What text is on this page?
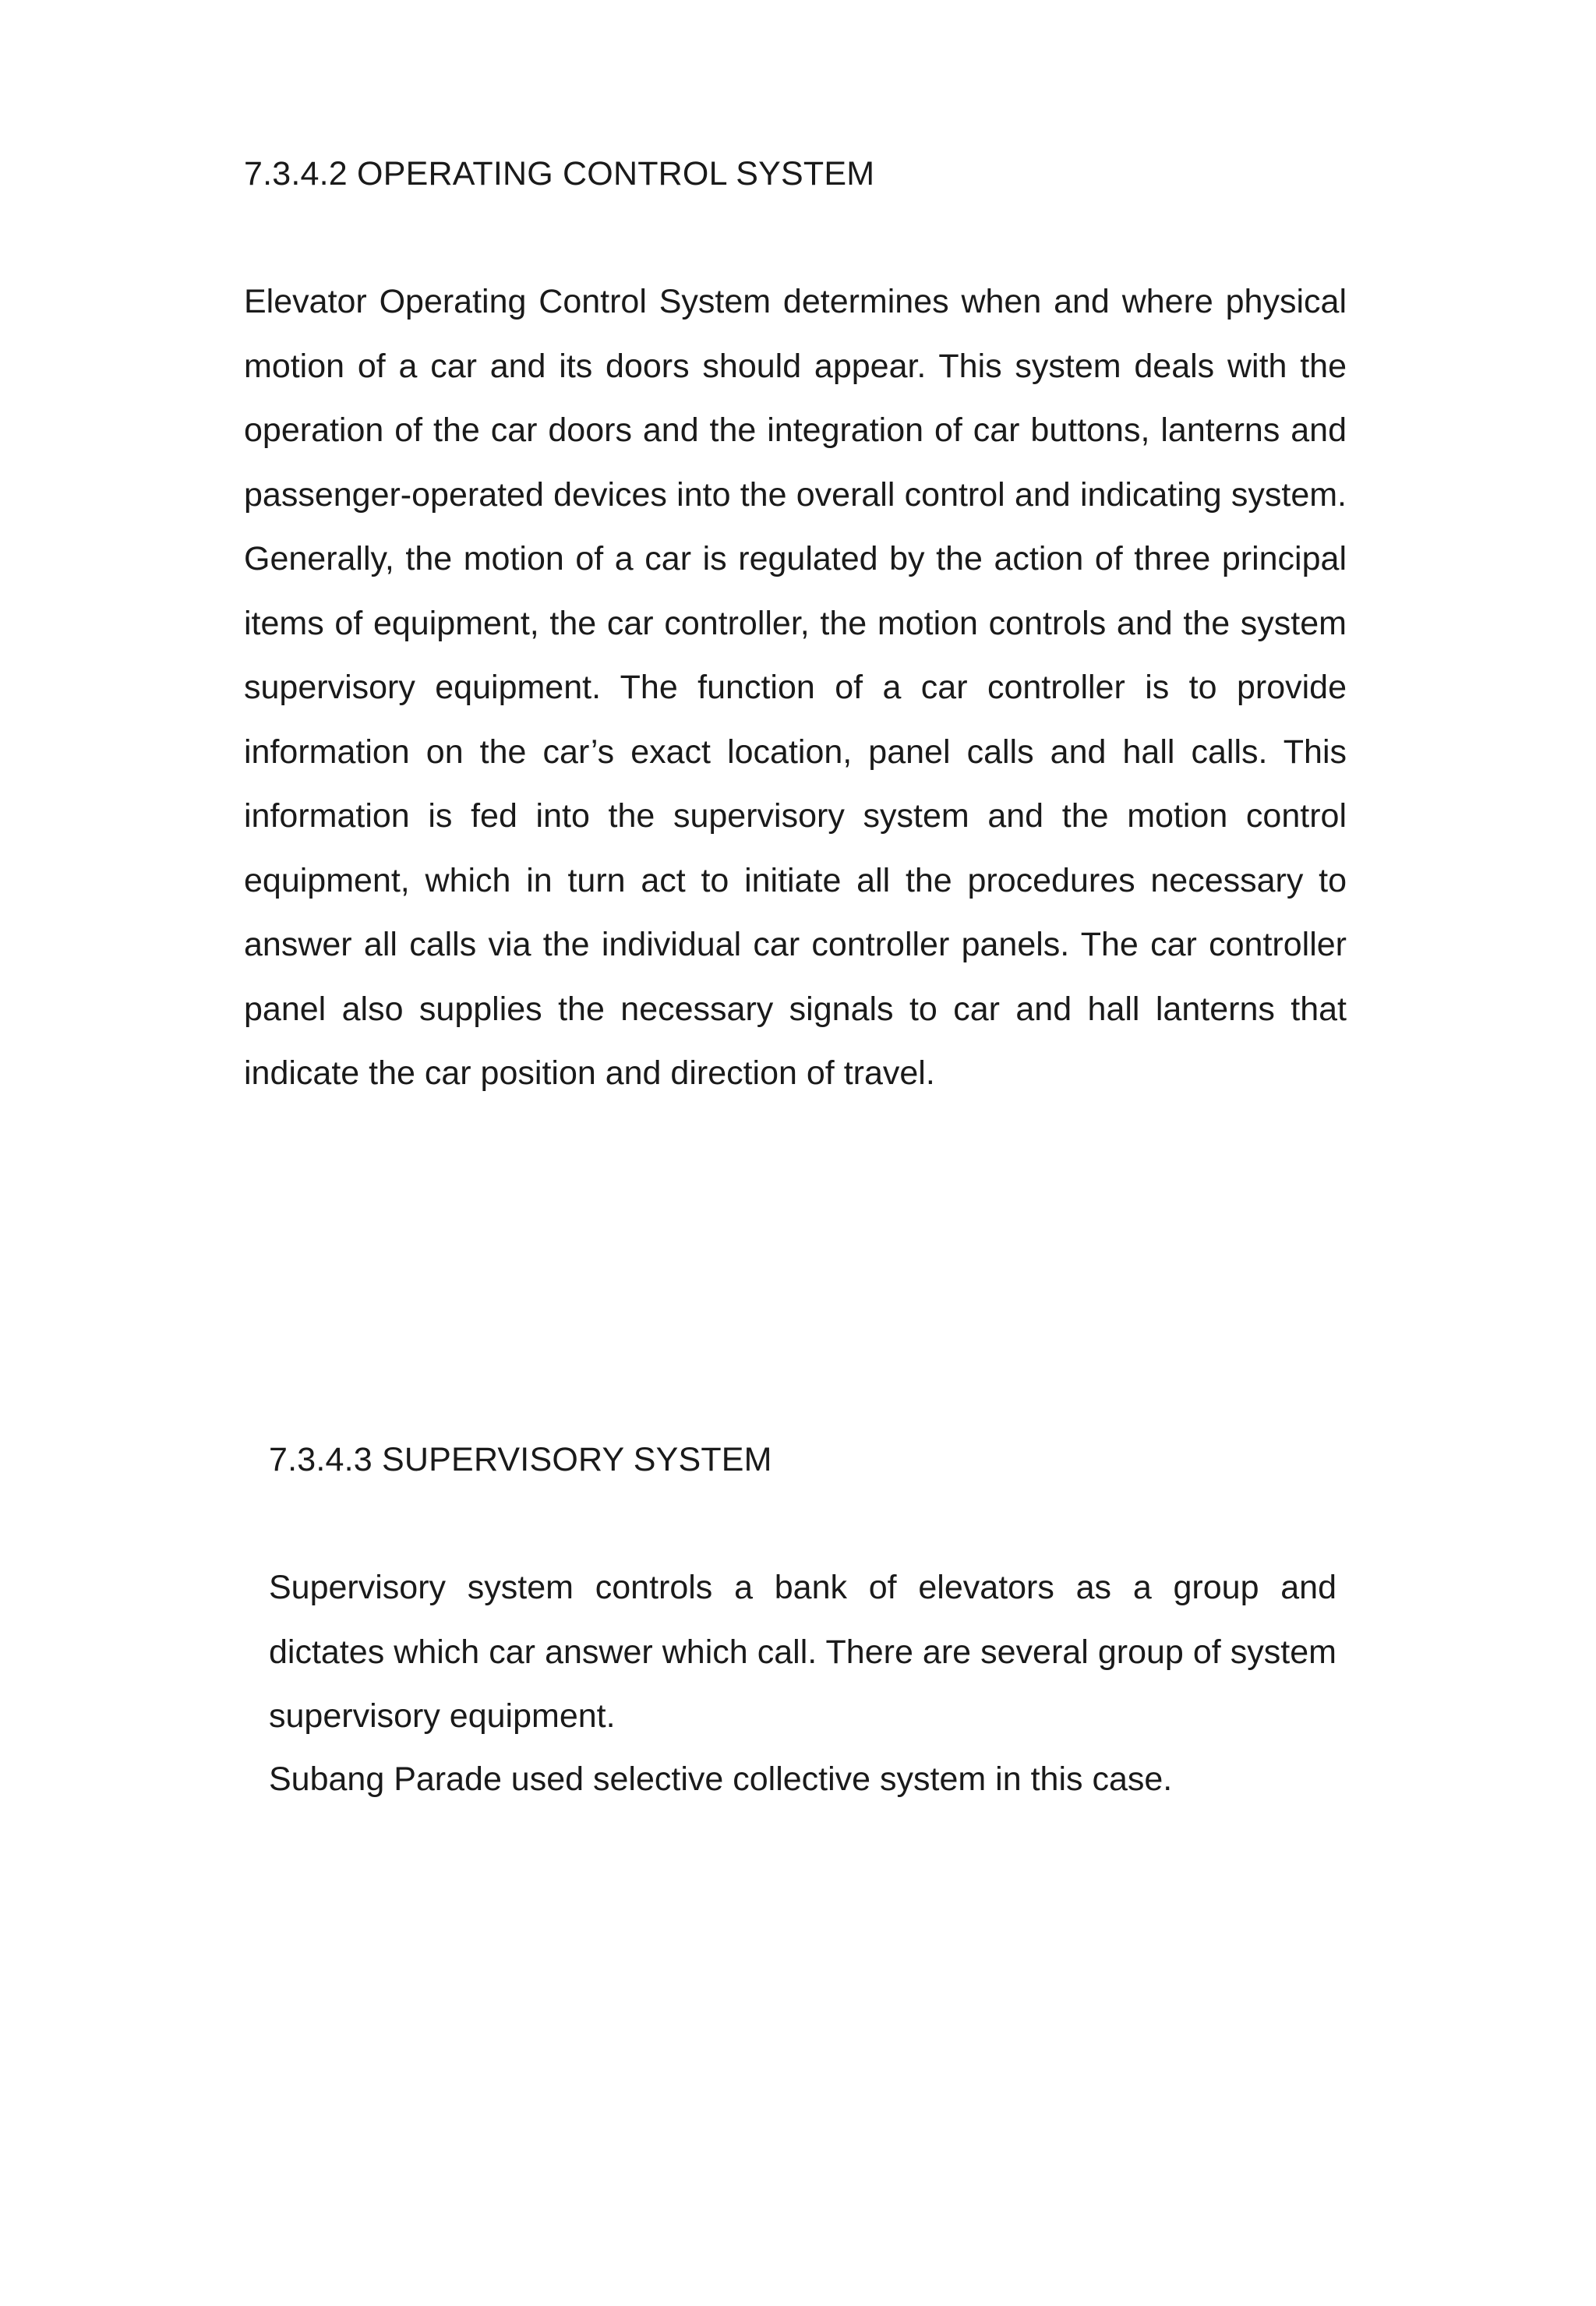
7.3.4.2 OPERATING CONTROL SYSTEM

Elevator Operating Control System determines when and where physical motion of a car and its doors should appear. This system deals with the operation of the car doors and the integration of car buttons, lanterns and passenger-operated devices into the overall control and indicating system. Generally, the motion of a car is regulated by the action of three principal items of equipment, the car controller, the motion controls and the system supervisory equipment. The function of a car controller is to provide information on the car’s exact location, panel calls and hall calls. This information is fed into the supervisory system and the motion control equipment, which in turn act to initiate all the procedures necessary to answer all calls via the individual car controller panels. The car controller panel also supplies the necessary signals to car and hall lanterns that indicate the car position and direction of travel.

7.3.4.3 SUPERVISORY SYSTEM

Supervisory system controls a bank of elevators as a group and dictates which car answer which call. There are several group of system supervisory equipment.

Subang Parade used selective collective system in this case.
